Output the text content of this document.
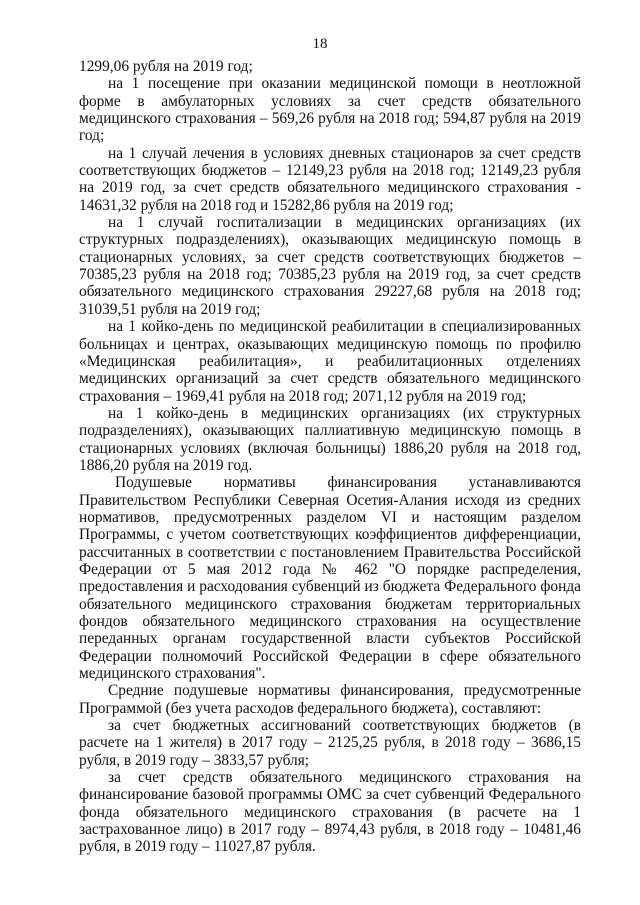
18

1299,06 рубля на 2019 год;

на 1 посещение при оказании медицинской помощи в неотложной форме в амбулаторных условиях за счет средств обязательного медицинского страхования – 569,26 рубля на 2018 год; 594,87 рубля на 2019 год;

на 1 случай лечения в условиях дневных стационаров за счет средств соответствующих бюджетов – 12149,23 рубля на 2018 год; 12149,23 рубля на 2019 год, за счет средств обязательного медицинского страхования - 14631,32 рубля на 2018 год и 15282,86 рубля на 2019 год;

на 1 случай госпитализации в медицинских организациях (их структурных подразделениях), оказывающих медицинскую помощь в стационарных условиях, за счет средств соответствующих бюджетов – 70385,23 рубля на 2018 год; 70385,23 рубля на 2019 год, за счет средств обязательного медицинского страхования 29227,68 рубля на 2018 год; 31039,51 рубля на 2019 год;

на 1 койко-день по медицинской реабилитации в специализированных больницах и центрах, оказывающих медицинскую помощь по профилю «Медицинская реабилитация», и реабилитационных отделениях медицинских организаций за счет средств обязательного медицинского страхования – 1969,41 рубля на 2018 год; 2071,12 рубля на 2019 год;

на 1 койко-день в медицинских организациях (их структурных подразделениях), оказывающих паллиативную медицинскую помощь в стационарных условиях (включая больницы) 1886,20 рубля на 2018 год, 1886,20 рубля на 2019 год.

Подушевые нормативы финансирования устанавливаются Правительством Республики Северная Осетия-Алания исходя из средних нормативов, предусмотренных разделом VI и настоящим разделом Программы, с учетом соответствующих коэффициентов дифференциации, рассчитанных в соответствии с постановлением Правительства Российской Федерации от 5 мая 2012 года № 462 "О порядке распределения, предоставления и расходования субвенций из бюджета Федерального фонда обязательного медицинского страхования бюджетам территориальных фондов обязательного медицинского страхования на осуществление переданных органам государственной власти субъектов Российской Федерации полномочий Российской Федерации в сфере обязательного медицинского страхования".

Средние подушевые нормативы финансирования, предусмотренные Программой (без учета расходов федерального бюджета), составляют:

за счет бюджетных ассигнований соответствующих бюджетов (в расчете на 1 жителя) в 2017 году – 2125,25 рубля, в 2018 году – 3686,15 рубля, в 2019 году – 3833,57 рубля;

за счет средств обязательного медицинского страхования на финансирование базовой программы ОМС за счет субвенций Федерального фонда обязательного медицинского страхования (в расчете на 1 застрахованное лицо) в 2017 году – 8974,43 рубля, в 2018 году – 10481,46 рубля, в 2019 году – 11027,87 рубля.
